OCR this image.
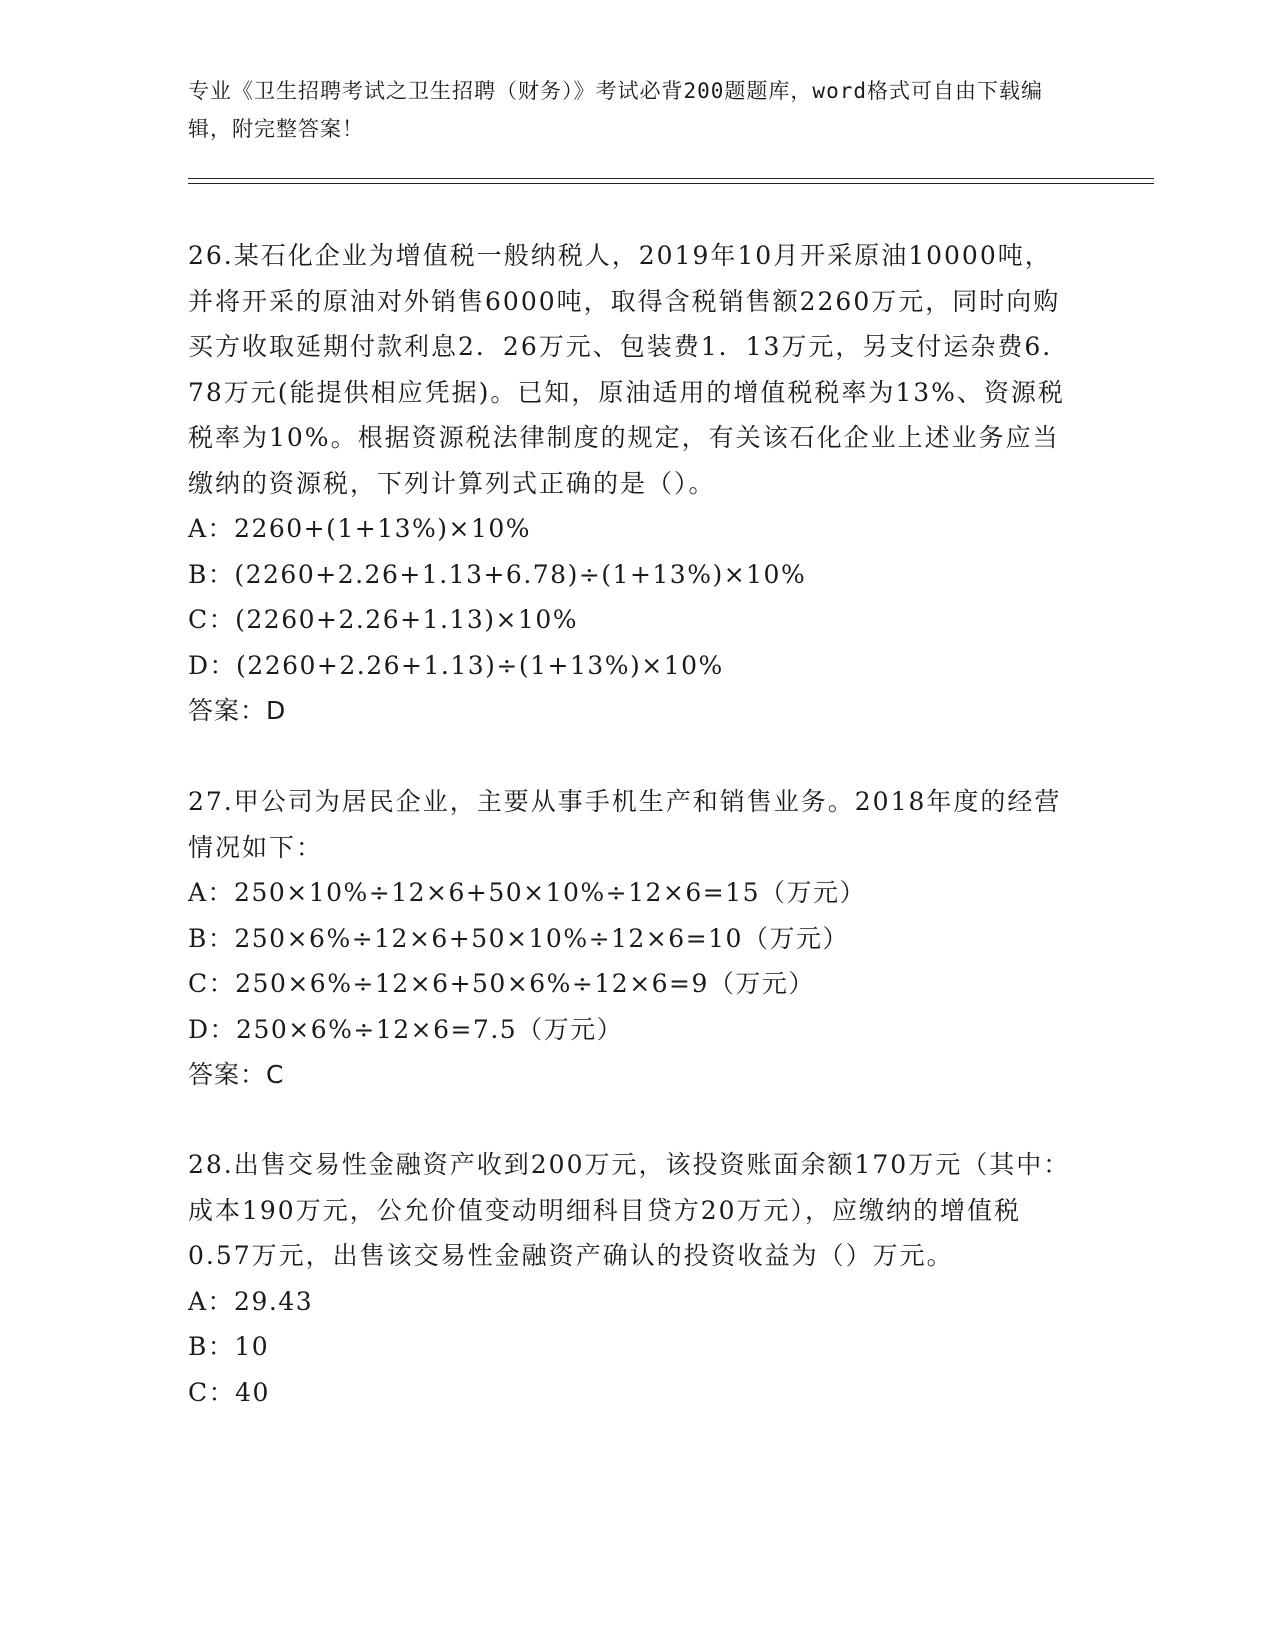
专业《卫生招聘考试之卫生招聘（财务）》考试必背200题题库，word格式可自由下载编辑，附完整答案！
26.某石化企业为增值税一般纳税人，2019年10月开采原油10000吨，并将开采的原油对外销售6000吨，取得含税销售额2260万元，同时向购买方收取延期付款利息2．26万元、包装费1．13万元，另支付运杂费6．78万元(能提供相应凭据)。已知，原油适用的增值税税率为13%、资源税税率为10%。根据资源税法律制度的规定，有关该石化企业上述业务应当缴纳的资源税，下列计算列式正确的是（）。
A：2260+(1+13%)×10%
B：(2260+2.26+1.13+6.78)÷(1+13%)×10%
C：(2260+2.26+1.13)×10%
D：(2260+2.26+1.13)÷(1+13%)×10%
答案：D
27.甲公司为居民企业，主要从事手机生产和销售业务。2018年度的经营情况如下：
A：250×10%÷12×6+50×10%÷12×6=15（万元）
B：250×6%÷12×6+50×10%÷12×6=10（万元）
C：250×6%÷12×6+50×6%÷12×6=9（万元）
D：250×6%÷12×6=7.5（万元）
答案：C
28.出售交易性金融资产收到200万元，该投资账面余额170万元（其中：成本190万元，公允价值变动明细科目贷方20万元），应缴纳的增值税0.57万元，出售该交易性金融资产确认的投资收益为（）万元。
A：29.43
B：10
C：40
